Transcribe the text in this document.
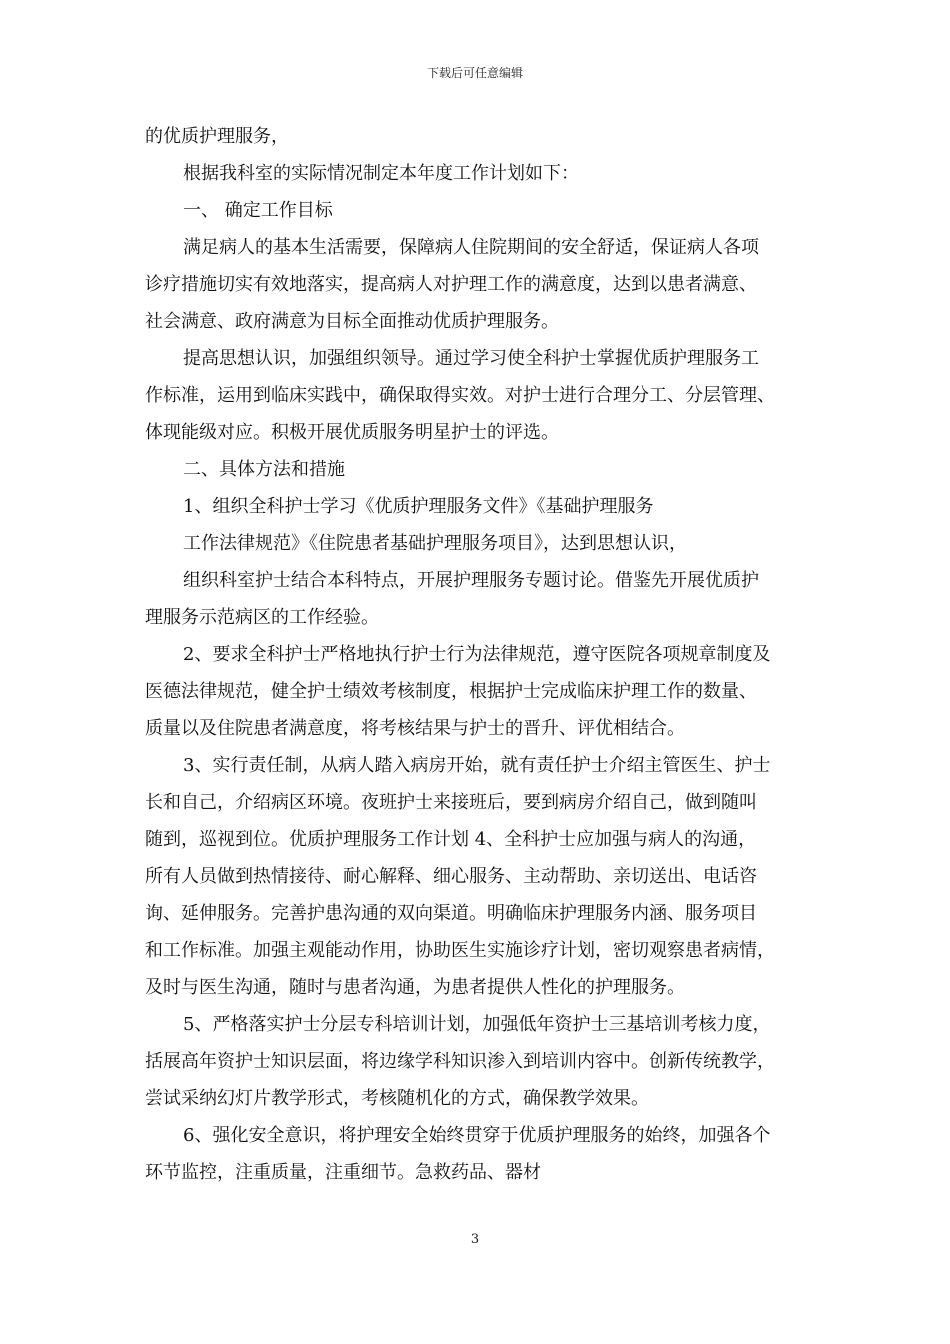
下载后可任意编辑
的优质护理服务，
根据我科室的实际情况制定本年度工作计划如下：
一、 确定工作目标
满足病人的基本生活需要，保障病人住院期间的安全舒适，保证病人各项
诊疗措施切实有效地落实，提高病人对护理工作的满意度，达到以患者满意、
社会满意、政府满意为目标全面推动优质护理服务。
提高思想认识，加强组织领导。通过学习使全科护士掌握优质护理服务工
作标准，运用到临床实践中，确保取得实效。对护士进行合理分工、分层管理、
体现能级对应。积极开展优质服务明星护士的评选。
二、具体方法和措施
1、组织全科护士学习《优质护理服务文件》《基础护理服务
工作法律规范》《住院患者基础护理服务项目》，达到思想认识，
组织科室护士结合本科特点，开展护理服务专题讨论。借鉴先开展优质护
理服务示范病区的工作经验。
2、要求全科护士严格地执行护士行为法律规范，遵守医院各项规章制度及
医德法律规范，健全护士绩效考核制度，根据护士完成临床护理工作的数量、
质量以及住院患者满意度，将考核结果与护士的晋升、评优相结合。
3、实行责任制，从病人踏入病房开始，就有责任护士介绍主管医生、护士
长和自己，介绍病区环境。夜班护士来接班后，要到病房介绍自己，做到随叫
随到，巡视到位。优质护理服务工作计划 4、全科护士应加强与病人的沟通，
所有人员做到热情接待、耐心解释、细心服务、主动帮助、亲切送出、电话咨
询、延伸服务。完善护患沟通的双向渠道。明确临床护理服务内涵、服务项目
和工作标准。加强主观能动作用，协助医生实施诊疗计划，密切观察患者病情，
及时与医生沟通，随时与患者沟通，为患者提供人性化的护理服务。
5、严格落实护士分层专科培训计划，加强低年资护士三基培训考核力度，
括展高年资护士知识层面，将边缘学科知识渗入到培训内容中。创新传统教学，
尝试采纳幻灯片教学形式，考核随机化的方式，确保教学效果。
6、强化安全意识，将护理安全始终贯穿于优质护理服务的始终，加强各个
环节监控，注重质量，注重细节。急救药品、器材
3
